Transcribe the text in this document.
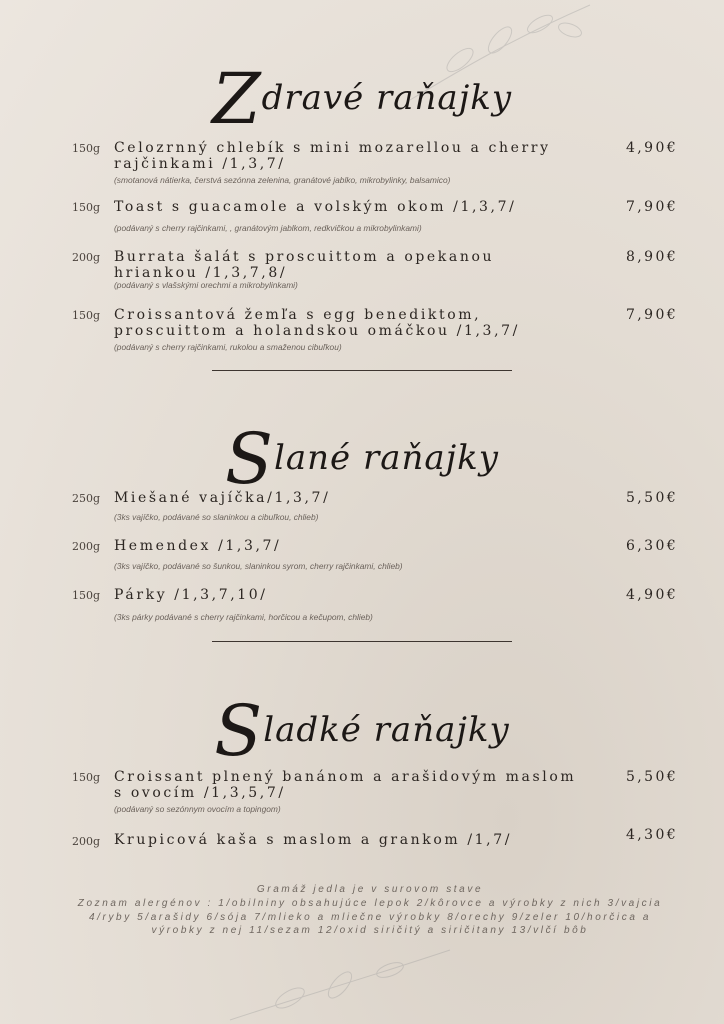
Zdravé raňajky
150g Celozrnný chlebík s mini mozarellou a cherry rajčinkami /1,3,7/
(smotanová nátierka, čerstvá sezónna zelenina, granátové jablko, mikrobylinky, balsamico)
4,90€
150g Toast s guacamole a volským okom /1,3,7/
(podávaný s cherry rajčinkami, , granátovým jablkom, redkvičkou a mikrobylinkami)
7,90€
200g Burrata šalát s proscuittom a opekanou hriankou /1,3,7,8/
(podávaný s vlašskými orechmi a mikrobylinkami)
8,90€
150g Croissantová žemľa s egg benediktom, proscuittom a holandskou omáčkou /1,3,7/
(podávaný s cherry rajčinkami, rukolou a smaženou cibuľkou)
7,90€
Slané raňajky
250g Miešané vajíčka/1,3,7/
(3ks vajíčko, podávané so slaninkou a cibuľkou, chlieb)
5,50€
200g Hemendex /1,3,7/
(3ks vajíčko, podávané so šunkou, slaninkou syrom, cherry rajčinkami, chlieb)
6,30€
150g Párky /1,3,7,10/
(3ks párky podávané s cherry rajčinkami, horčicou a kečupom, chlieb)
4,90€
Sladké raňajky
150g Croissant plnený banánom a arašidovým maslom s ovocím /1,3,5,7/
(podávaný so sezónnym ovocím a topingom)
5,50€
200g Krupicová kaša s maslom a grankom /1,7/	4,30€
Gramáž jedla je v surovom stave
Zoznam alergénov : 1/obilniny obsahujúce lepok 2/kôrovce a výrobky z nich 3/vajcia 4/ryby 5/arašidy 6/sója 7/mlieko a mliečne výrobky 8/orechy 9/zeler 10/horčica a výrobky z nej 11/sezam 12/oxid siričitý a siričitany 13/vlčí bôb
